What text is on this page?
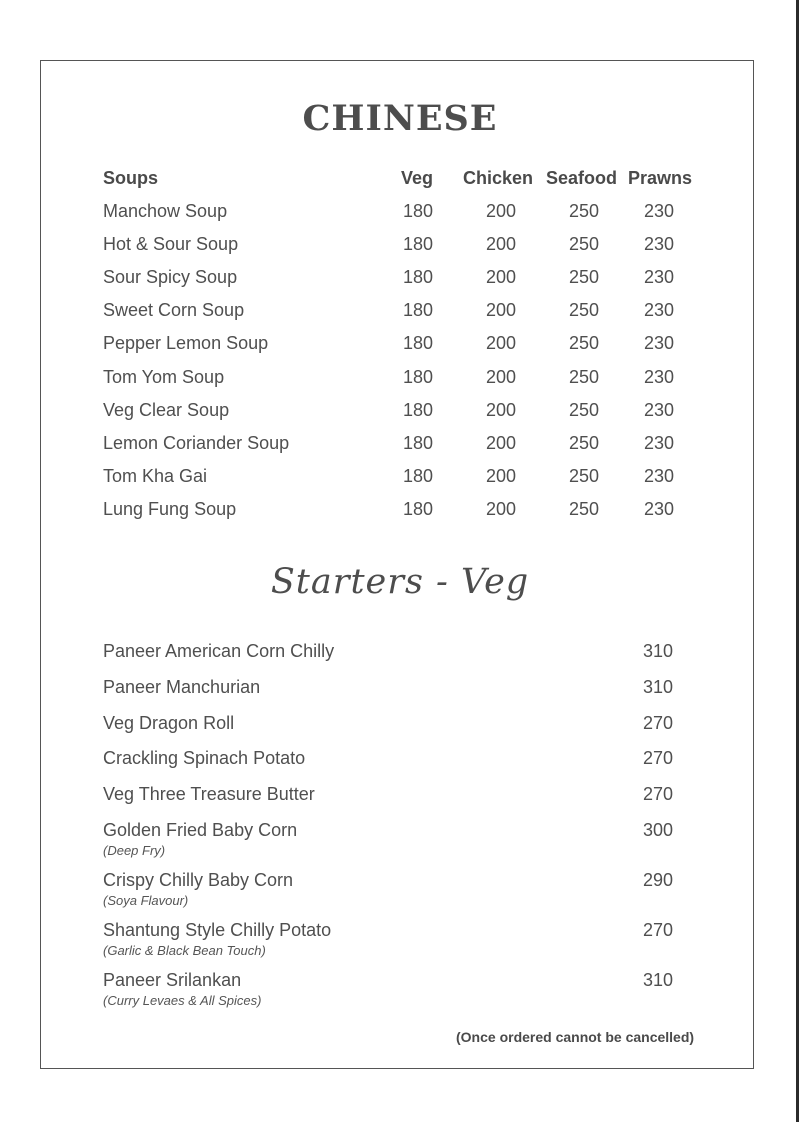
CHINESE
Soups	Veg Chicken Seafood Prawns
Manchow Soup	180	200	250	230
Hot & Sour Soup	180	200	250	230
Sour Spicy Soup	180	200	250	230
Sweet Corn Soup	180	200	250	230
Pepper Lemon Soup	180	200	250	230
Tom Yom Soup	180	200	250	230
Veg Clear Soup	180	200	250	230
Lemon Coriander Soup	180	200	250	230
Tom Kha Gai	180	200	250	230
Lung Fung Soup	180	200	250	230
Starters - Veg
Paneer American Corn Chilly	310
Paneer Manchurian	310
Veg Dragon Roll	270
Crackling Spinach Potato	270
Veg Three Treasure Butter	270
Golden Fried Baby Corn	300
(Deep Fry)
Crispy Chilly Baby Corn	290
(Soya Flavour)
Shantung Style Chilly Potato	270
(Garlic & Black Bean Touch)
Paneer Srilankan	310
(Curry Levaes & All Spices)
(Once ordered cannot be cancelled)
